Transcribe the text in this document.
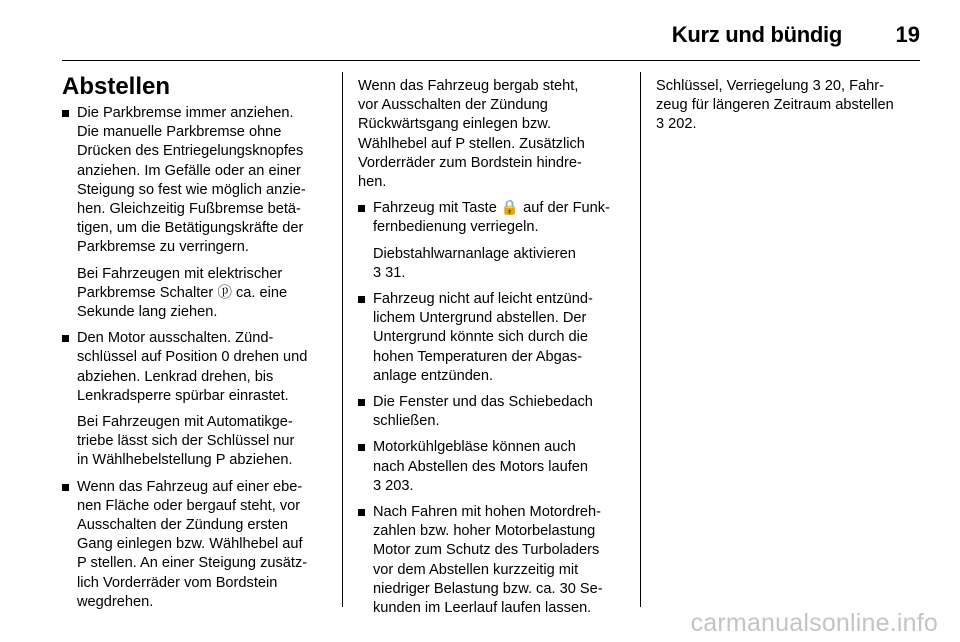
Kurz und bündig 19
Abstellen
Die Parkbremse immer anziehen.
Die manuelle Parkbremse ohne
Drücken des Entriegelungsknopfes
anziehen. Im Gefälle oder an einer
Steigung so fest wie möglich anzie-
hen. Gleichzeitig Fußbremse betä-
tigen, um die Betätigungskräfte der
Parkbremse zu verringern.

Bei Fahrzeugen mit elektrischer
Parkbremse Schalter ⓟ ca. eine
Sekunde lang ziehen.

Den Motor ausschalten. Zünd-
schlüssel auf Position 0 drehen und
abziehen. Lenkrad drehen, bis
Lenkradsperre spürbar einrastet.

Bei Fahrzeugen mit Automatikge-
triebe lässt sich der Schlüssel nur
in Wählhebelstellung P abziehen.

Wenn das Fahrzeug auf einer ebe-
nen Fläche oder bergauf steht, vor
Ausschalten der Zündung ersten
Gang einlegen bzw. Wählhebel auf
P stellen. An einer Steigung zusätz-
lich Vorderräder vom Bordstein
wegdrehen.

Wenn das Fahrzeug bergab steht,
vor Ausschalten der Zündung
Rückwärtsgang einlegen bzw.
Wählhebel auf P stellen. Zusätzlich
Vorderräder zum Bordstein hindre-
hen.

Fahrzeug mit Taste 🔒 auf der Funk-
fernbedienung verriegeln.

Diebstahlwarnanlage aktivieren
3 31.

Fahrzeug nicht auf leicht entzünd-
lichem Untergrund abstellen. Der
Untergrund könnte sich durch die
hohen Temperaturen der Abgas-
anlage entzünden.
Die Fenster und das Schiebedach
schließen.
Motorkühlgebläse können auch
nach Abstellen des Motors laufen
3 203.
Nach Fahren mit hohen Motordreh-
zahlen bzw. hoher Motorbelastung
Motor zum Schutz des Turboladers
vor dem Abstellen kurzzeitig mit
niedriger Belastung bzw. ca. 30 Se-
kunden im Leerlauf laufen lassen.

Schlüssel, Verriegelung 3 20, Fahr-
zeug für längeren Zeitraum abstellen
3 202.

carmanualsonline.info
